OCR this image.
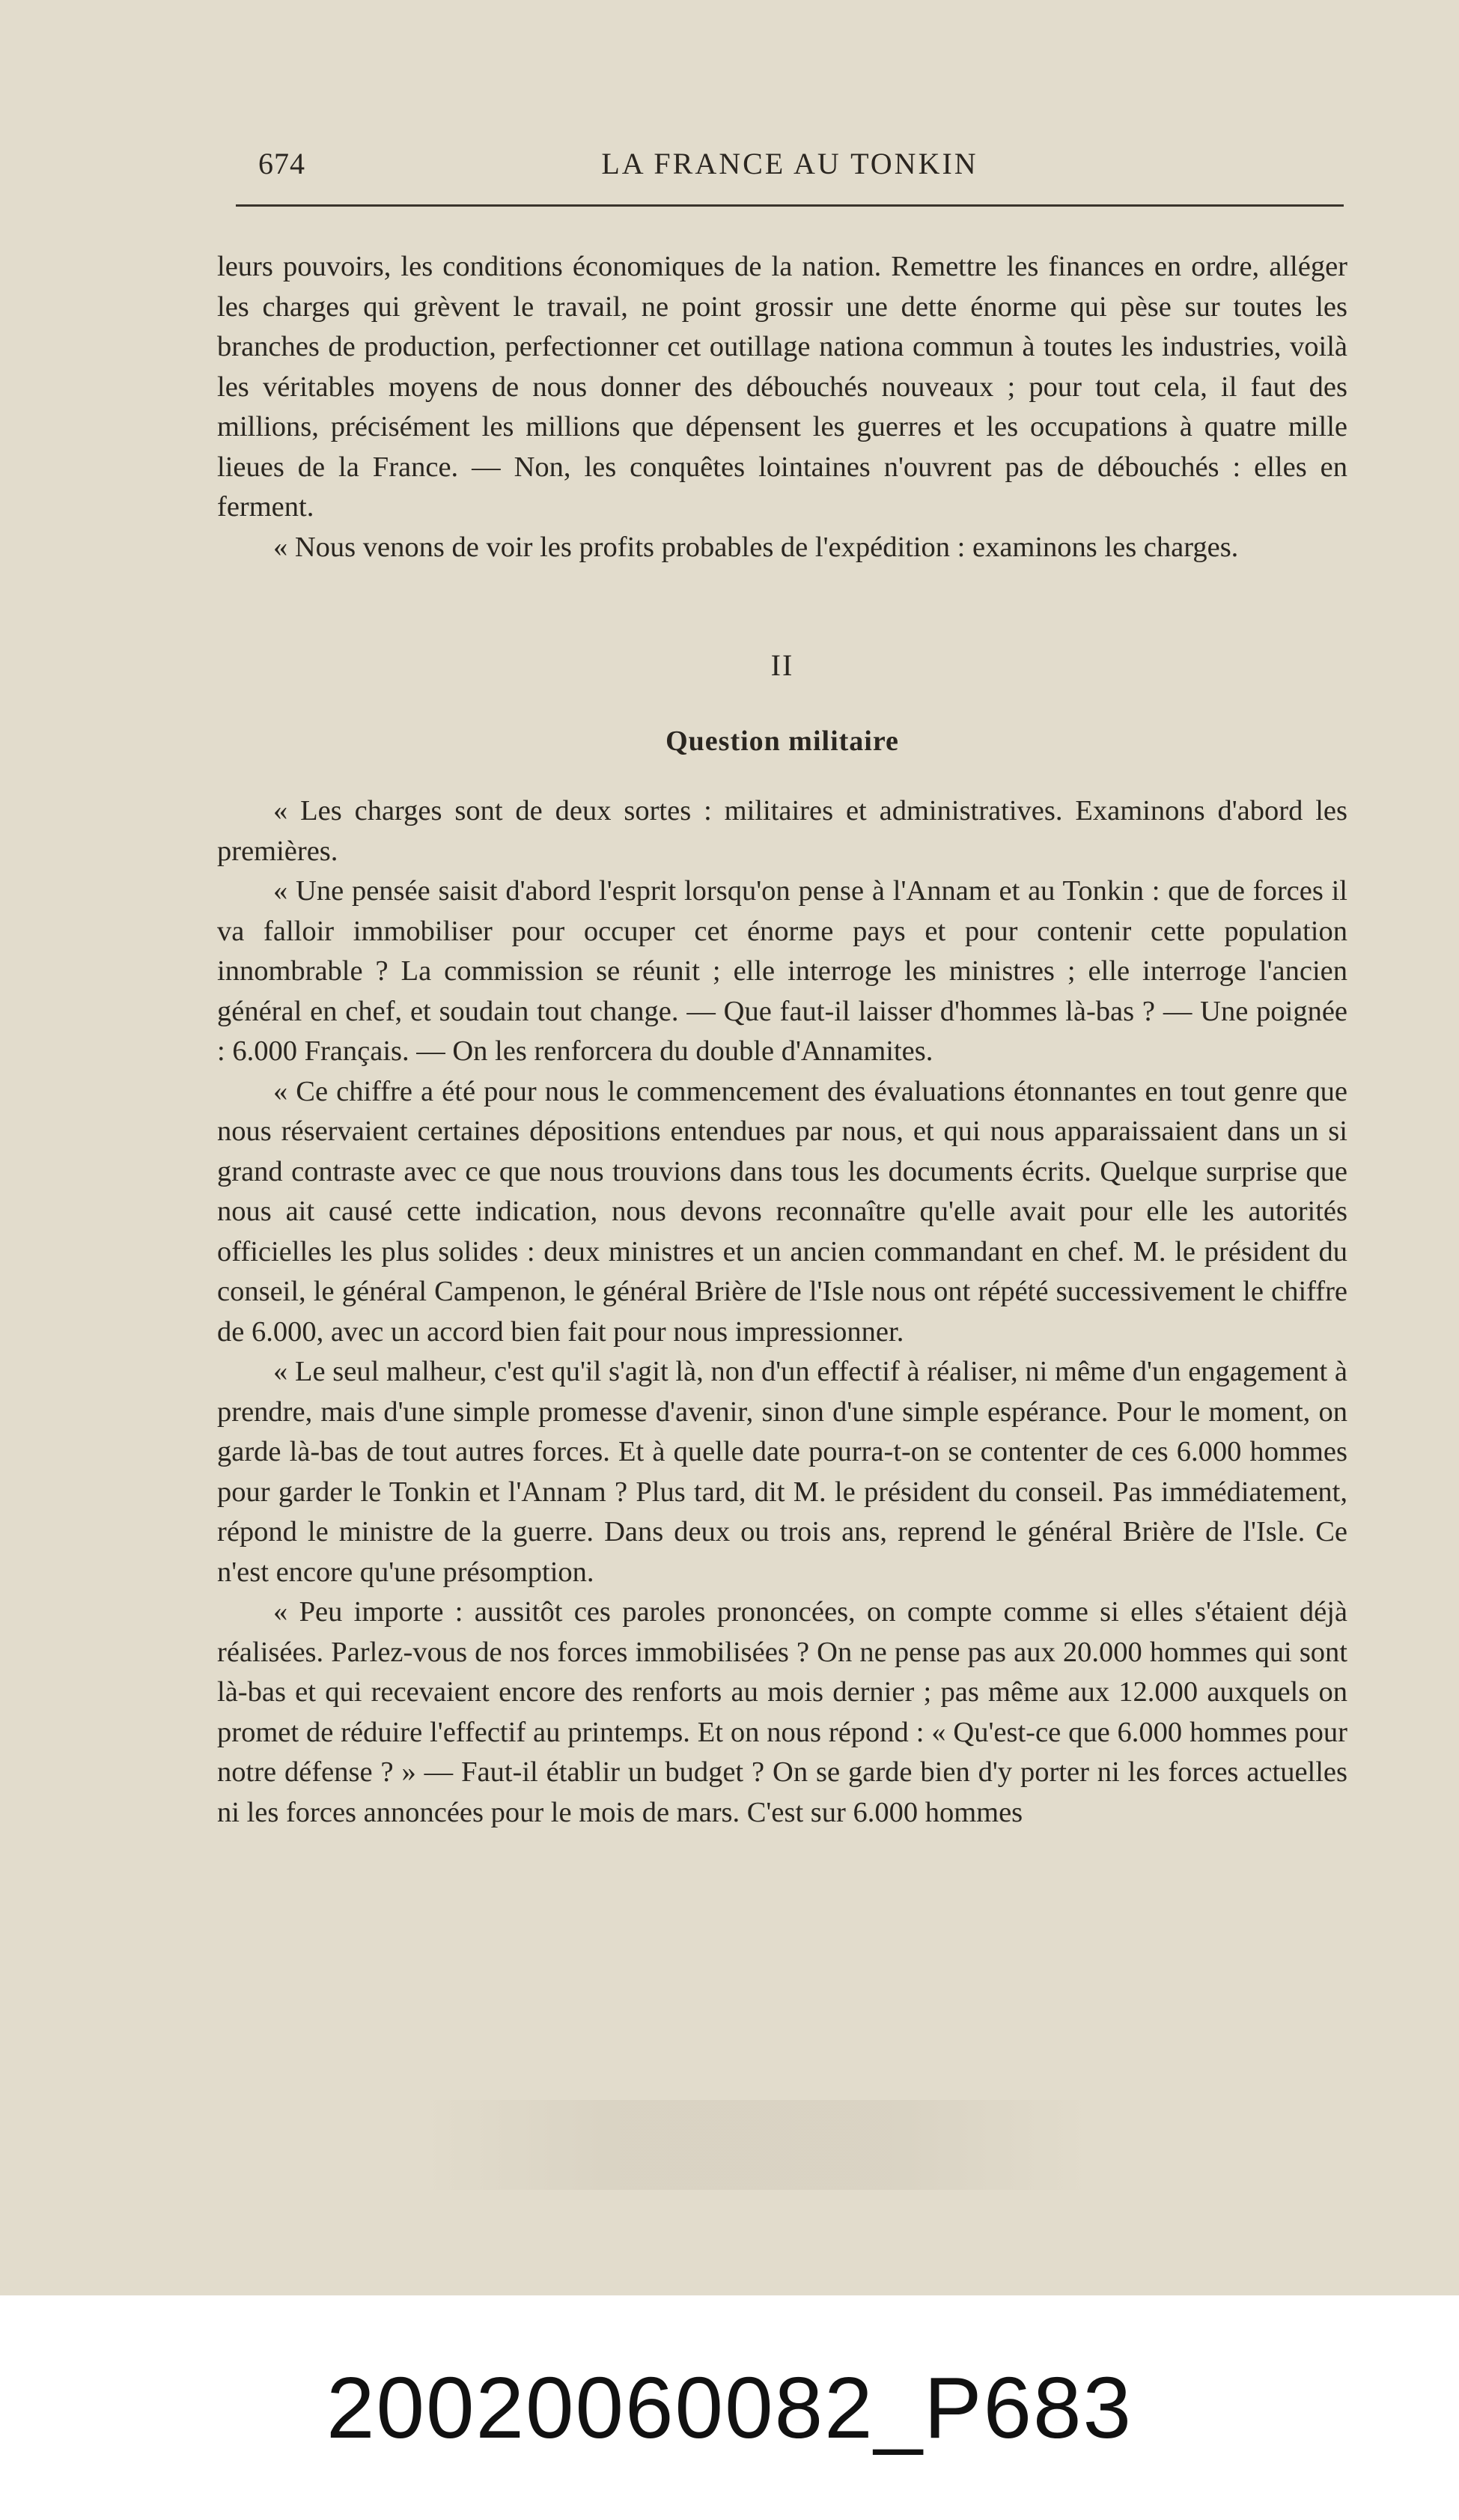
674	LA FRANCE AU TONKIN

leurs pouvoirs, les conditions économiques de la nation. Remettre les finances en ordre, alléger les charges qui grèvent le travail, ne point grossir une dette énorme qui pèse sur toutes les branches de production, perfectionner cet outillage nationa commun à toutes les industries, voilà les véritables moyens de nous donner des débouchés nouveaux ; pour tout cela, il faut des millions, précisément les millions que dépensent les guerres et les occupations à quatre mille lieues de la France. — Non, les conquêtes lointaines n'ouvrent pas de débouchés : elles en ferment.

« Nous venons de voir les profits probables de l'expédition : examinons les charges.

II
Question militaire

« Les charges sont de deux sortes : militaires et administratives. Examinons d'abord les premières.

« Une pensée saisit d'abord l'esprit lorsqu'on pense à l'Annam et au Tonkin : que de forces il va falloir immobiliser pour occuper cet énorme pays et pour contenir cette population innombrable ? La commission se réunit ; elle interroge les ministres ; elle interroge l'ancien général en chef, et soudain tout change. — Que faut-il laisser d'hommes là-bas ? — Une poignée : 6.000 Français. — On les renforcera du double d'Annamites.

« Ce chiffre a été pour nous le commencement des évaluations étonnantes en tout genre que nous réservaient certaines dépositions entendues par nous, et qui nous apparaissaient dans un si grand contraste avec ce que nous trouvions dans tous les documents écrits. Quelque surprise que nous ait causé cette indication, nous devons reconnaître qu'elle avait pour elle les autorités officielles les plus solides : deux ministres et un ancien commandant en chef. M. le président du conseil, le général Campenon, le général Brière de l'Isle nous ont répété successivement le chiffre de 6.000, avec un accord bien fait pour nous impressionner.

« Le seul malheur, c'est qu'il s'agit là, non d'un effectif à réaliser, ni même d'un engagement à prendre, mais d'une simple promesse d'avenir, sinon d'une simple espérance. Pour le moment, on garde là-bas de tout autres forces. Et à quelle date pourra-t-on se contenter de ces 6.000 hommes pour garder le Tonkin et l'Annam ? Plus tard, dit M. le président du conseil. Pas immédiatement, répond le ministre de la guerre. Dans deux ou trois ans, reprend le général Brière de l'Isle. Ce n'est encore qu'une présomption.

« Peu importe : aussitôt ces paroles prononcées, on compte comme si elles s'étaient déjà réalisées. Parlez-vous de nos forces immobilisées ? On ne pense pas aux 20.000 hommes qui sont là-bas et qui recevaient encore des renforts au mois dernier ; pas même aux 12.000 auxquels on promet de réduire l'effectif au printemps. Et on nous répond : « Qu'est-ce que 6.000 hommes pour notre défense ? » — Faut-il établir un budget ? On se garde bien d'y porter ni les forces actuelles ni les forces annoncées pour le mois de mars. C'est sur 6.000 hommes

20020060082_P683
